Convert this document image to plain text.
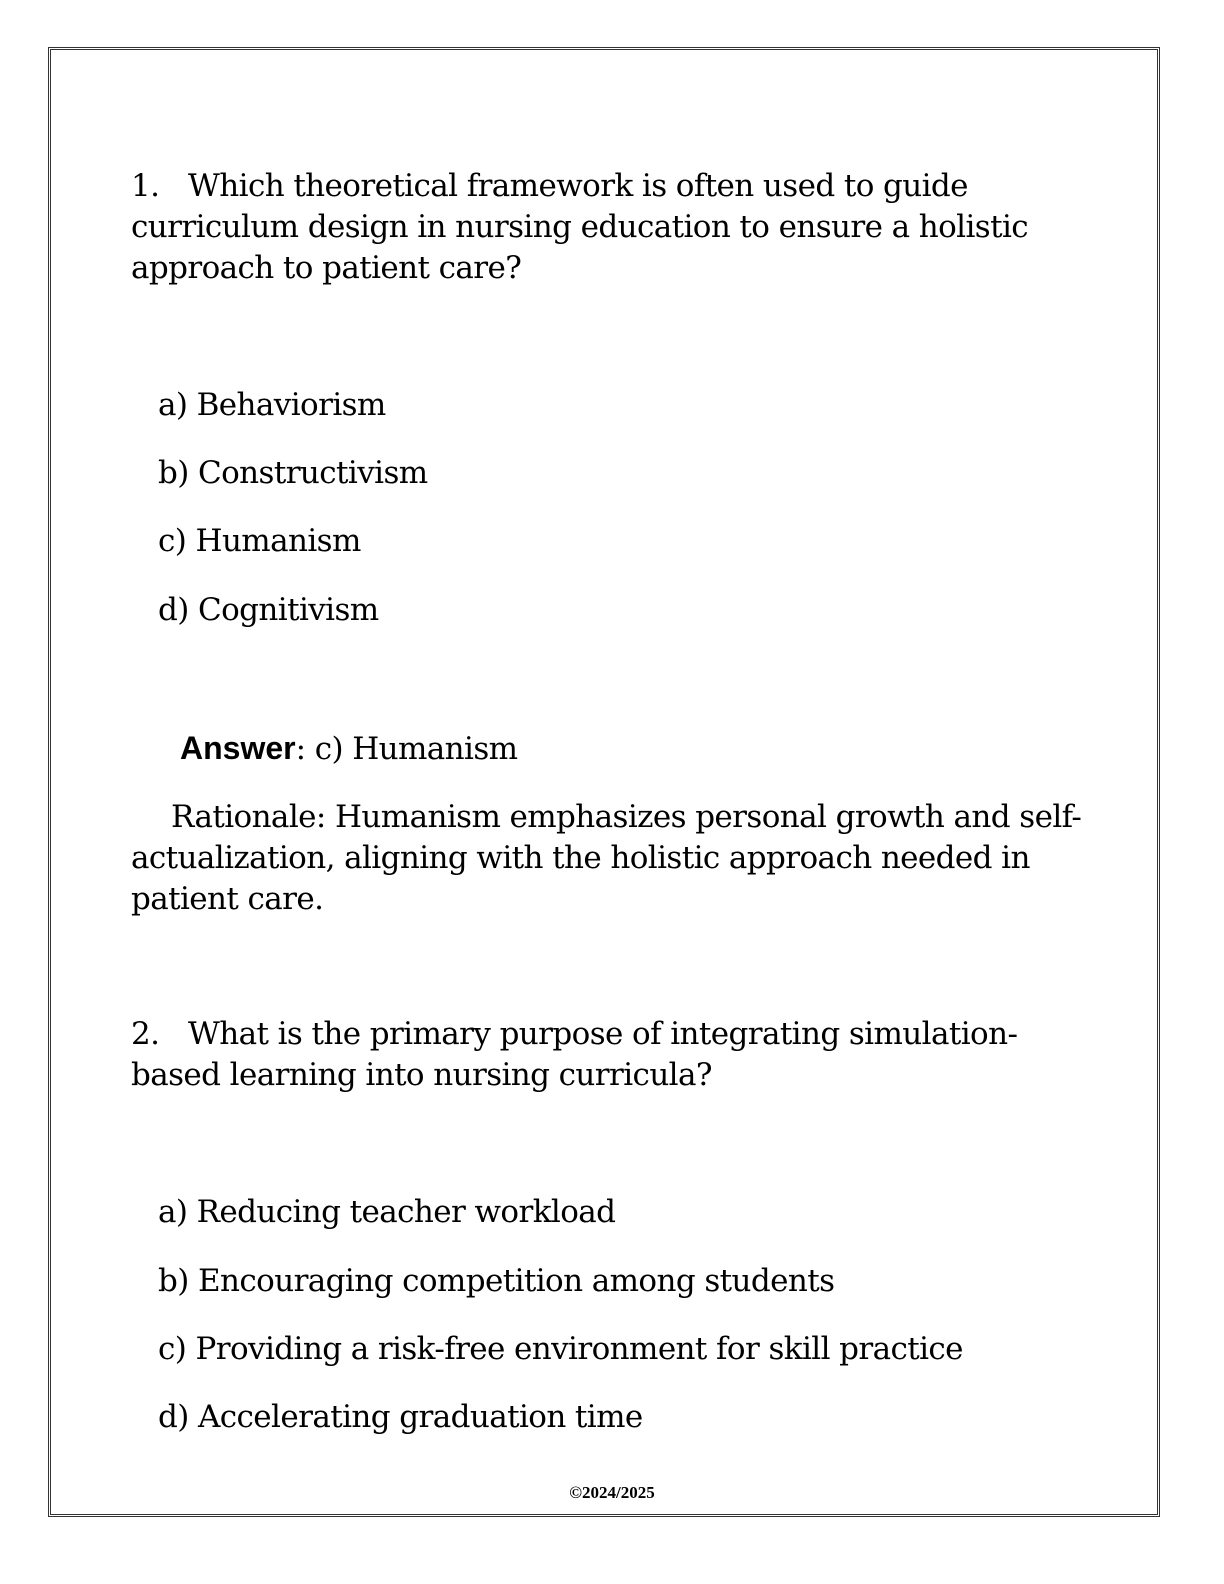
1. Which theoretical framework is often used to guide curriculum design in nursing education to ensure a holistic approach to patient care?
a) Behaviorism
b) Constructivism
c) Humanism
d) Cognitivism
Answer: c) Humanism
Rationale: Humanism emphasizes personal growth and self-actualization, aligning with the holistic approach needed in patient care.
2. What is the primary purpose of integrating simulation-based learning into nursing curricula?
a) Reducing teacher workload
b) Encouraging competition among students
c) Providing a risk-free environment for skill practice
d) Accelerating graduation time
©2024/2025
